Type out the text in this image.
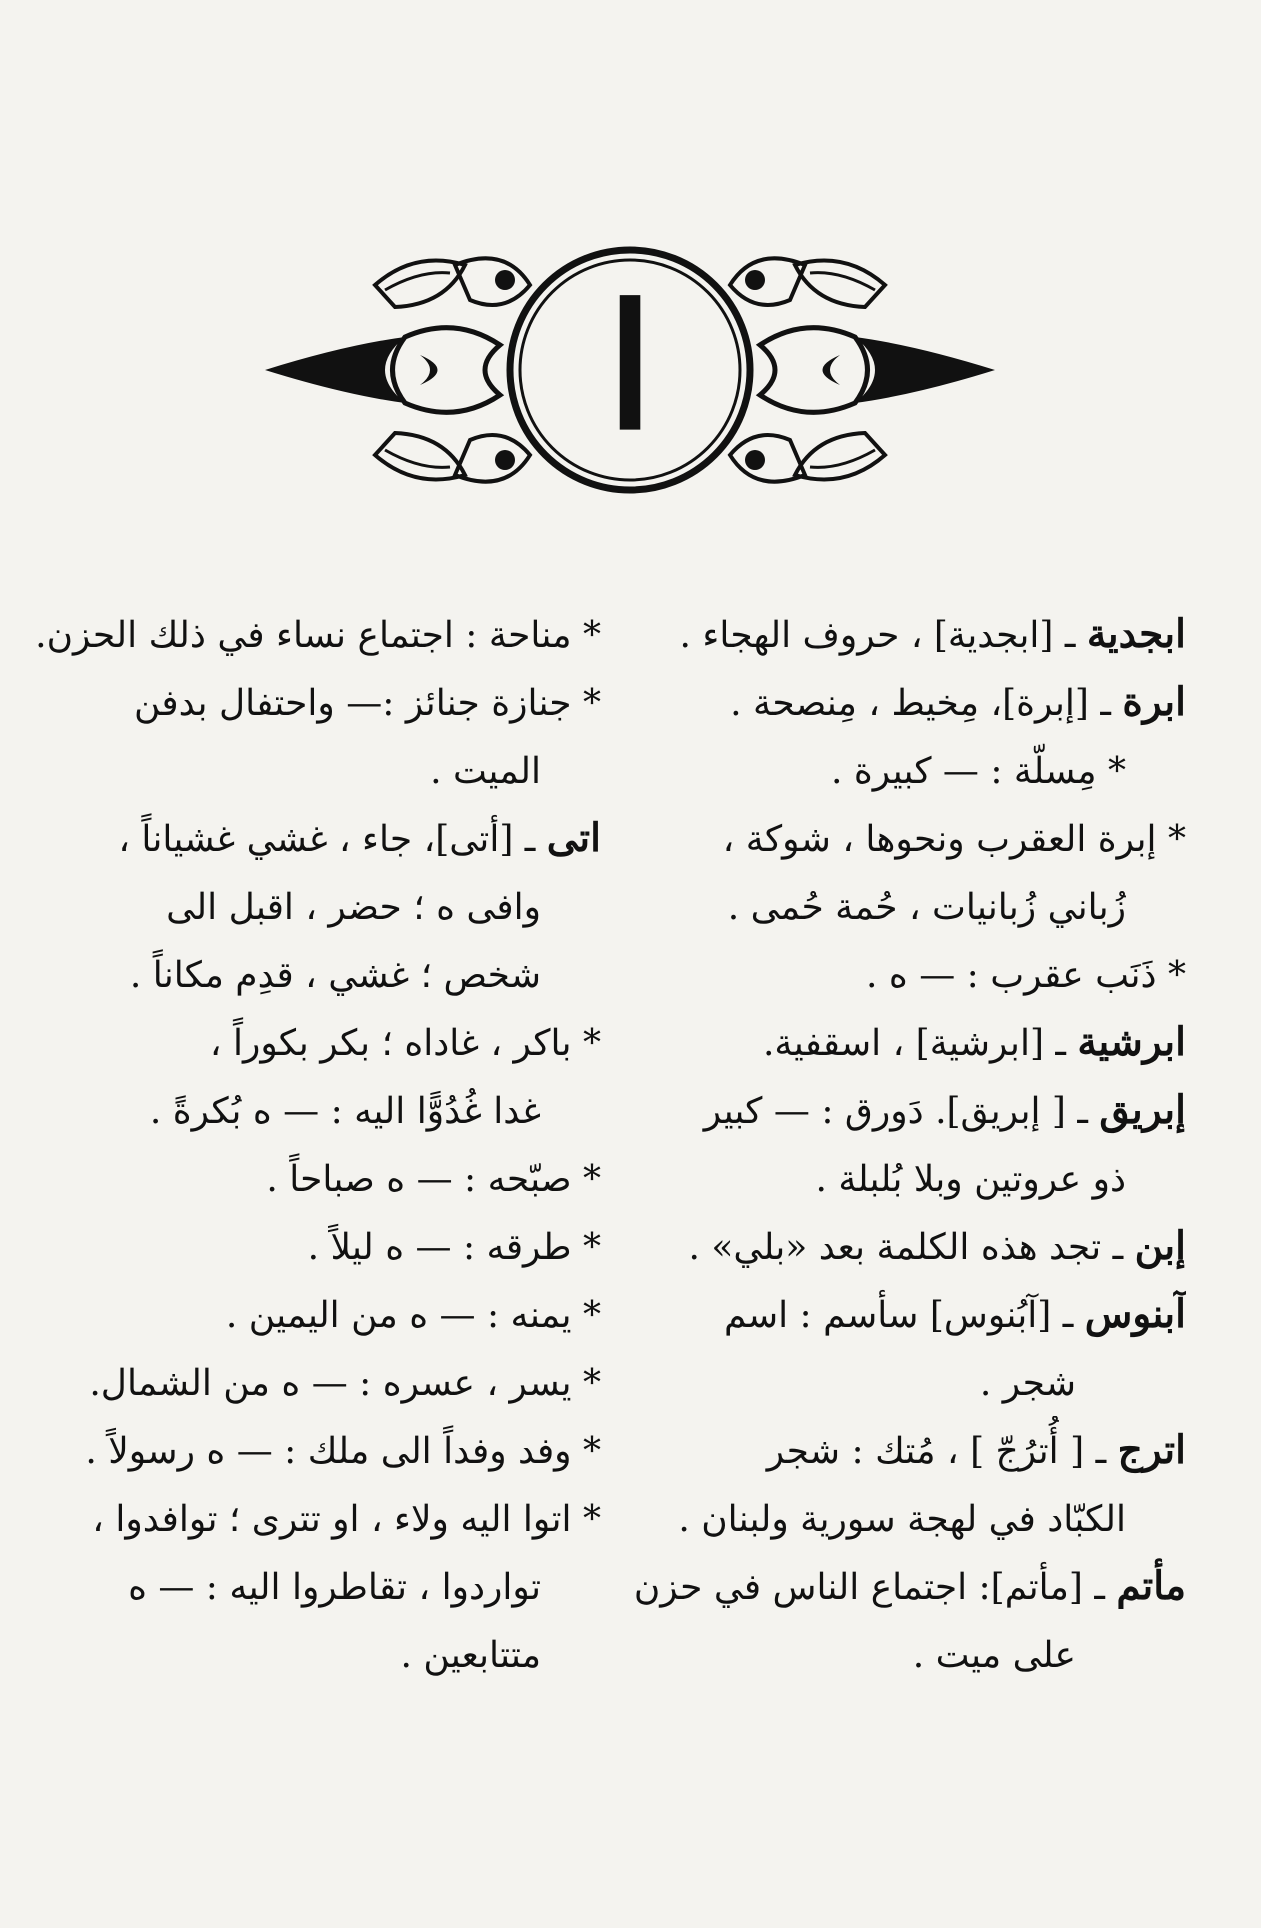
ا
ابجدية ـ [ابجدية] ، حروف الهجاء .
ابرة ـ [إبرة]، مِخيط ، مِنصحة .
* مِسلّة : — كبيرة .
* إبرة العقرب ونحوها ، شوكة ،
زُباني زُبانيات ، حُمة حُمى .
* ذَنَب عقرب : — ه .
ابرشية ـ [ابرشية] ، اسقفية.
إبريق ـ [ إبريق]. دَورق : — كبير
ذو عروتين وبلا بُلبلة .
إبن ـ تجد هذه الكلمة بعد «بلي» .
آبنوس ـ [آبُنوس] سأسم : اسم
شجر .
اترج ـ [ أُترُجّ ] ، مُتك : شجر
الكبّاد في لهجة سورية ولبنان .
مأتم ـ [مأتم]: اجتماع الناس في حزن
على ميت .
* مناحة : اجتماع نساء في ذلك الحزن.
* جنازة جنائز :— واحتفال بدفن
الميت .
اتى ـ [أتى]، جاء ، غشي غشياناً ،
وافى ه ؛ حضر ، اقبل الى
شخص ؛ غشي ، قدِم مكاناً .
* باكر ، غاداه ؛ بكر بكوراً ،
غدا غُدُوًّا اليه : — ه بُكرةً .
* صبّحه : — ه صباحاً .
* طرقه : — ه ليلاً .
* يمنه : — ه من اليمين .
* يسر ، عسره : — ه من الشمال.
* وفد وفداً الى ملك : — ه رسولاً .
* اتوا اليه ولاء ، او تترى ؛ توافدوا ،
تواردوا ، تقاطروا اليه : — ه
متتابعين .
